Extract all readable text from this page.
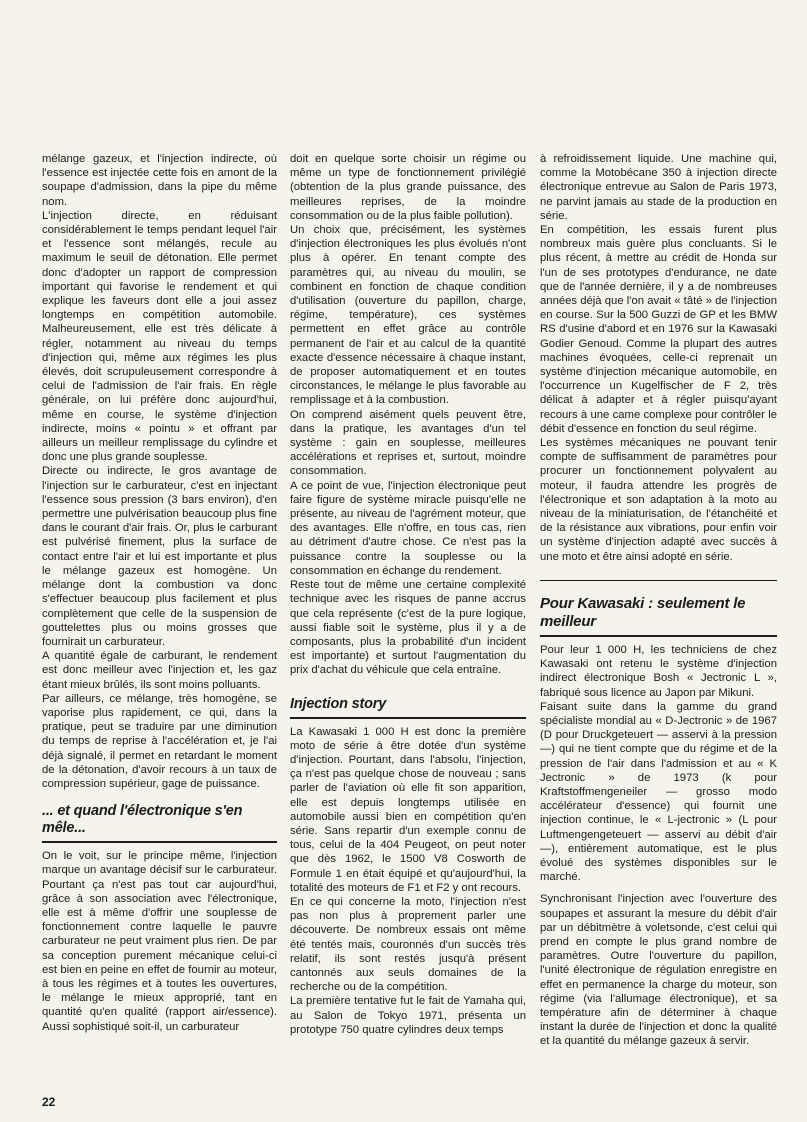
mélange gazeux, et l'injection indirecte, où l'essence est injectée cette fois en amont de la soupape d'admission, dans la pipe du même nom.

L'injection directe, en réduisant considérablement le temps pendant lequel l'air et l'essence sont mélangés, recule au maximum le seuil de détonation. Elle permet donc d'adopter un rapport de compression important qui favorise le rendement et qui explique les faveurs dont elle a joui assez longtemps en compétition automobile. Malheureusement, elle est très délicate à régler, notamment au niveau du temps d'injection qui, même aux régimes les plus élevés, doit scrupuleusement correspondre à celui de l'admission de l'air frais. En règle générale, on lui préfère donc aujourd'hui, même en course, le système d'injection indirecte, moins « pointu » et offrant par ailleurs un meilleur remplissage du cylindre et donc une plus grande souplesse.

Directe ou indirecte, le gros avantage de l'injection sur le carburateur, c'est en injectant l'essence sous pression (3 bars environ), d'en permettre une pulvérisation beaucoup plus fine dans le courant d'air frais. Or, plus le carburant est pulvérisé finement, plus la surface de contact entre l'air et lui est importante et plus le mélange gazeux est homogène. Un mélange dont la combustion va donc s'effectuer beaucoup plus facilement et plus complètement que celle de la suspension de gouttelettes plus ou moins grosses que fournirait un carburateur.

A quantité égale de carburant, le rendement est donc meilleur avec l'injection et, les gaz étant mieux brûlés, ils sont moins polluants.

Par ailleurs, ce mélange, très homogène, se vaporise plus rapidement, ce qui, dans la pratique, peut se traduire par une diminution du temps de reprise à l'accélération et, je l'ai déjà signalé, il permet en retardant le moment de la détonation, d'avoir recours à un taux de compression supérieur, gage de puissance.

... et quand l'électronique s'en mêle...

On le voit, sur le principe même, l'injection marque un avantage décisif sur le carburateur. Pourtant ça n'est pas tout car aujourd'hui, grâce à son association avec l'électronique, elle est à même d'offrir une souplesse de fonctionnement contre laquelle le pauvre carburateur ne peut vraiment plus rien. De par sa conception purement mécanique celui-ci est bien en peine en effet de fournir au moteur, à tous les régimes et à toutes les ouvertures, le mélange le mieux approprié, tant en quantité qu'en qualité (rapport air/essence). Aussi sophistiqué soit-il, un carburateur

doit en quelque sorte choisir un régime ou même un type de fonctionnement privilégié (obtention de la plus grande puissance, des meilleures reprises, de la moindre consommation ou de la plus faible pollution).

Un choix que, précisément, les systèmes d'injection électroniques les plus évolués n'ont plus à opérer. En tenant compte des paramètres qui, au niveau du moulin, se combinent en fonction de chaque condition d'utilisation (ouverture du papillon, charge, régime, température), ces systèmes permettent en effet grâce au contrôle permanent de l'air et au calcul de la quantité exacte d'essence nécessaire à chaque instant, de proposer automatiquement et en toutes circonstances, le mélange le plus favorable au remplissage et à la combustion.

On comprend aisément quels peuvent être, dans la pratique, les avantages d'un tel système : gain en souplesse, meilleures accélérations et reprises et, surtout, moindre consommation.

A ce point de vue, l'injection électronique peut faire figure de système miracle puisqu'elle ne présente, au niveau de l'agrément moteur, que des avantages. Elle n'offre, en tous cas, rien au détriment d'autre chose. Ce n'est pas la puissance contre la souplesse ou la consommation en échange du rendement.

Reste tout de même une certaine complexité technique avec les risques de panne accrus que cela représente (c'est de la pure logique, aussi fiable soit le système, plus il y a de composants, plus la probabilité d'un incident est importante) et surtout l'augmentation du prix d'achat du véhicule que cela entraîne.

Injection story

La Kawasaki 1 000 H est donc la première moto de série à être dotée d'un système d'injection. Pourtant, dans l'absolu, l'injection, ça n'est pas quelque chose de nouveau ; sans parler de l'aviation où elle fit son apparition, elle est depuis longtemps utilisée en automobile aussi bien en compétition qu'en série. Sans repartir d'un exemple connu de tous, celui de la 404 Peugeot, on peut noter que dès 1962, le 1500 V8 Cosworth de Formule 1 en était équipé et qu'aujourd'hui, la totalité des moteurs de F1 et F2 y ont recours.

En ce qui concerne la moto, l'injection n'est pas non plus à proprement parler une découverte. De nombreux essais ont même été tentés mais, couronnés d'un succès très relatif, ils sont restés jusqu'à présent cantonnés aux seuls domaines de la recherche ou de la compétition.

La première tentative fut le fait de Yamaha qui, au Salon de Tokyo 1971, présenta un prototype 750 quatre cylindres deux temps

à refroidissement liquide. Une machine qui, comme la Motobécane 350 à injection directe électronique entrevue au Salon de Paris 1973, ne parvint jamais au stade de la production en série.

En compétition, les essais furent plus nombreux mais guère plus concluants. Si le plus récent, à mettre au crédit de Honda sur l'un de ses prototypes d'endurance, ne date que de l'année dernière, il y a de nombreuses années déjà que l'on avait « tâté » de l'injection en course. Sur la 500 Guzzi de GP et les BMW RS d'usine d'abord et en 1976 sur la Kawasaki Godier Genoud. Comme la plupart des autres machines évoquées, celle-ci reprenait un système d'injection mécanique automobile, en l'occurrence un Kugelfischer de F 2, très délicat à adapter et à régler puisqu'ayant recours à une came complexe pour contrôler le débit d'essence en fonction du seul régime.

Les systèmes mécaniques ne pouvant tenir compte de suffisamment de paramètres pour procurer un fonctionnement polyvalent au moteur, il faudra attendre les progrès de l'électronique et son adaptation à la moto au niveau de la miniaturisation, de l'étanchéité et de la résistance aux vibrations, pour enfin voir un système d'injection adapté avec succès à une moto et être ainsi adopté en série.

Pour Kawasaki : seulement le meilleur

Pour leur 1 000 H, les techniciens de chez Kawasaki ont retenu le système d'injection indirect électronique Bosh « Jectronic L », fabriqué sous licence au Japon par Mikuni.

Faisant suite dans la gamme du grand spécialiste mondial au « D-Jectronic » de 1967 (D pour Druckgeteuert — asservi à la pression —) qui ne tient compte que du régime et de la pression de l'air dans l'admission et au « K Jectronic » de 1973 (k pour Kraftstoffmengeneiler — grosso modo accélérateur d'essence) qui fournit une injection continue, le « L-jectronic » (L pour Luftmengengeteuert — asservi au débit d'air —), entièrement automatique, est le plus évolué des systèmes disponibles sur le marché.

Synchronisant l'injection avec l'ouverture des soupapes et assurant la mesure du débit d'air par un débitmètre à voletsonde, c'est celui qui prend en compte le plus grand nombre de paramètres. Outre l'ouverture du papillon, l'unité électronique de régulation enregistre en effet en permanence la charge du moteur, son régime (via l'allumage électronique), et sa température afin de déterminer à chaque instant la durée de l'injection et donc la qualité et la quantité du mélange gazeux à servir.

22
